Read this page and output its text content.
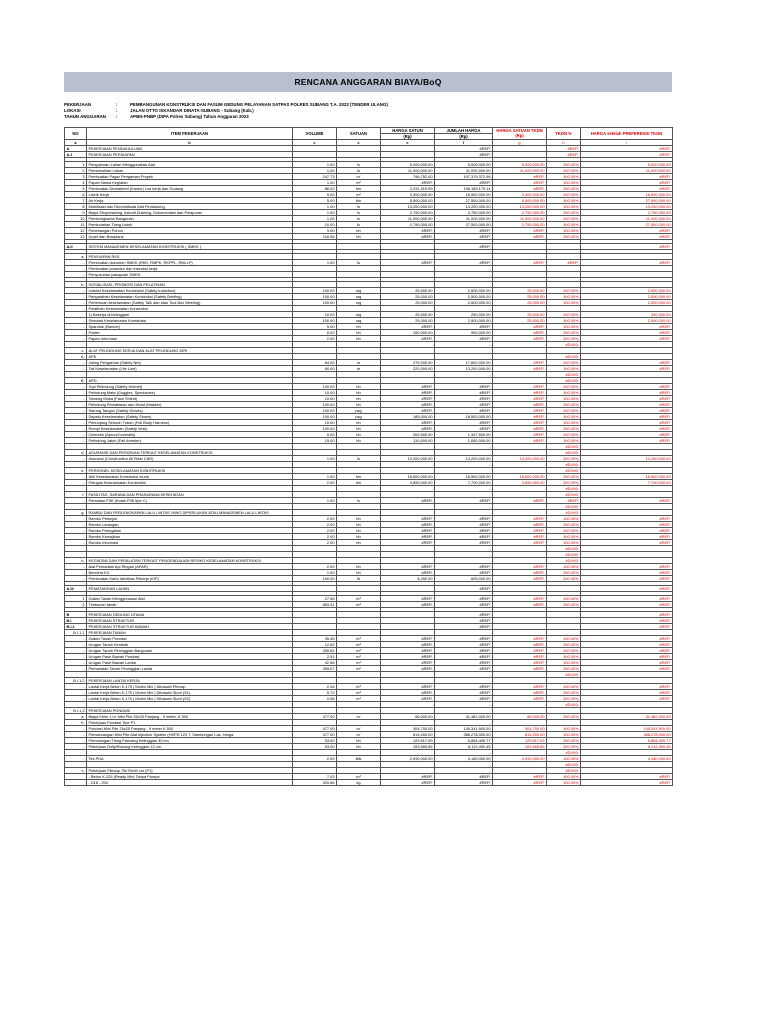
RENCANA ANGGARAN BIAYA/BoQ
PEKERJAAN	:	PEMBANGUNAN KONSTRUKSI DAN FASUM GEDUNG PELAYANAN SATPAS POLRES SUBANG T.A. 2023 (TENDER ULANG)
LOKASI	:	JALAN OTTO ISKANDAR DINATA-SUBANG - Subang (Kab.)
TAHUN ANGGARAN	:	APBN-PNBP (DIPA Polres Subang) Tahun Anggaran 2023
NO	ITEM PEKERJAAN	VOLUME	SATUAN	HARGA SATUN	JUMLAH HARGA	HARGA SATUAN TKDN (Rp)	TKDN %	HARGA setelah PREFERENSI TKDN
				(Rp)	(Rp)			
a	b	c	c	e	f	g	h	i
A	PEKERJAAN PENDAHULUAN				#REF!		#REF!	#REF!
A.1	PEKERJAAN PERSIAPAN				#REF!		#REF!	#REF!

1	Pengukuran Lahan Menggunakan Alat	1.00	ls	5,000,000.00	5,000,000.00	5,000,000.00	100.00%	5,000,000.00
2	Pembersihan Lahan	1.00	ls	11,000,000.00	11,000,000.00	11,000,000.00	100.00%	11,000,000.00
3	Pembuatan Pagar Pengaman Proyek	247.73	m'	796,752.00	197,379,372.96	#REF!	100.00%	#REF!
4	Papan Nama Kegiatan	1.00	m²	#REF!	#REF!	#REF!	100.00%	#REF!
5	Pembuatan Direksikeet (Kantor) Los kerja dan Gudang	86.00	bln	2,291,319.99	196,189,179.14	#REF!	100.00%	#REF!
6	Listrik Kerja	5.00	m²	3,300,000.00	16,500,000.00	3,300,000.00	100.00%	16,500,000.00
7	Air Kerja	5.00	bln	5,500,000.00	27,500,000.00	5,500,000.00	100.00%	27,500,000.00
8	Mobilisasi dan Demobilisasi Alat Pendukung	1.00	ls	13,200,000.00	13,200,000.00	13,200,000.00	100.00%	13,200,000.00
9	Biaya Shopdrawing, Asbuilt Drawing, Dokumentasi dan Pelaporan	1.00	ls	2,750,000.00	2,750,000.00	2,750,000.00	100.00%	2,750,000.00
10	Pembongkaran Bangunan	1.00	ls	11,000,000.00	11,000,000.00	11,000,000.00	100.00%	11,000,000.00
11	Pemindahan Tiang Listrik	10.00	ls	2,750,000.00	27,500,000.00	2,750,000.00	100.00%	27,500,000.00
12	Penebangan Pohon	9.00	bh	#REF!	#REF!	#REF!	100.00%	#REF!
13	Urpet dan Bowplank	116.56	bh	#REF!	#REF!	#REF!	100.00%	#REF!

A.II	SISTEM MANAJEMEN KESELAMATAN KONSTRUKSI ( SMKK )				#REF!			#REF!

a.	PENYIAPAN RKK							
-	Pembuatan dokumen SMKK (RKK, RMPK, RKPPL, RMLLP)	1.00	ls	#REF!	#REF!	#REF!	#REF!	#REF!
-	Pembuatan prosedur dan instruksi kerja				-			
-	Penyusunan pasapoan SMKK				-			

b.	SOSIALISASI, PROMOSI DAN PELATIHAN							
-	Induksi Keselamatan Konstruksi (Safety Induction)	100.00	org	25,000.00	2,500,000.00	25,000.00	100.00%	2,500,000.00
-	Pengarahan Keselamatan Konstruksi (Safety Briefing)	100.00	org	25,000.00	2,500,000.00	25,000.00	100.00%	2,500,000.00
-	Pertemuan keselamatan (Safety Talk dan atau Tool Box Meeting)	100.00	org	25,000.00	2,500,000.00	25,000.00	100.00%	2,500,000.00
-	Pelatihan Keselamatan Konstruksi				-			
	1) Bekerja di ketinggian	10.00	org	25,000.00	250,000.00	25,000.00	100.00%	250,000.00
-	Simulasi Keselamatan Konstruksi	100.00	org	25,000.00	2,500,000.00	25,000.00	100.00%	2,500,000.00
-	Spanduk (Banner)	5.00	bh	#REF!	#REF!	#REF!	100.00%	#REF!
-	Poster	6.00	bh	150,000.00	900,000.00	#REF!	100.00%	#REF!
-	Papan Informasi	2.00	bh	#REF!	#REF!	#REF!	100.00%	#REF!
					-		#DIV/0!	
c.	ALAT PELINDUNG KERJA DAN ALAT PELINDUNG DIRI							
A.	APK						#DIV/0!	
-	Jaring Pengaman (Safety Net)	64.00	m	275,000.00	17,600,000.00	#REF!	100.00%	#REF!
-	Tali Keselamatan (Life Line)	60.00	m	220,000.00	13,200,000.00	#REF!	100.00%	#REF!
					-		#DIV/0!	
B.	APD						#DIV/0!	
-	Topi Pelindung (Safety Helmet)	100.00	bh	#REF!	#REF!	#REF!	100.00%	#REF!
-	Pelindung Mata (Goggles, Spectacles)	10.00	bh	#REF!	#REF!	#REF!	100.00%	#REF!
-	Tameng Muka (Face Shield)	10.00	bh	#REF!	#REF!	#REF!	100.00%	#REF!
-	Pelindung Pernafasan dan Mulut (Masker)	100.00	bh	#REF!	#REF!	#REF!	100.00%	#REF!
-	Sarung Tangan (Safety Gloves)	100.00	psg	#REF!	#REF!	#REF!	100.00%	#REF!
-	Sepatu Keselamatan (Safety Shoes)	100.00	psg	185,000.00	18,500,000.00	#REF!	100.00%	#REF!
-	Penunjang Seluruh Tubuh (Full Body Harness)	10.00	bh	#REF!	#REF!	#REF!	100.00%	#REF!
-	Rompi Keselamatan (Safety Vest)	100.00	bh	#REF!	#REF!	#REF!	100.00%	#REF!
-	Celemek (Apron/Coveralls)	5.00	bh	269,500.00	1,347,500.00	#REF!	100.00%	#REF!
-	Pelindung Jatuh (Fall Arrester)	15.00	bh	110,000.00	1,650,000.00	#REF!	100.00%	#REF!
					-		#DIV/0!	
d.	ASURANSI DAN PERIZINAN TERKAIT KESELAMATAN KONSTRUKSI						#DIV/0!	
-	Asuransi (Construction All Risk/ CAR)	1.00	ls	13,200,000.00	13,200,000.00	13,200,000.00	100.00%	13,200,000.00
					-		#DIV/0!	
e.	PERSONEL KESELAMATAN KONSTRUKSI						#DIV/0!	
-	Ahli Keselamatan Konstruksi muda	1.00	bln	16,500,000.00	16,500,000.00	16,500,000.00	100.00%	16,500,000.00
-	Petugas Keselamatan Konstruksi	2.00	bln	3,850,000.00	7,700,000.00	3,850,000.00	100.00%	7,700,000.00
					-		#DIV/0!	
f.	FASILITAS, SARANA DAN PRASARANA KESEHATAN						#DIV/0!	
-	Peralatan P3K (Kotak P3K tipe C)	1.00	ls	#REF!	#REF!	#REF!	#REF!	#REF!
					-		#DIV/0!	
g.	RAMBU DAN PERLENGKAPAN LALU LINTAS YANG DIPERLUKAN ATAU MANAJEMEN LALU LINTAS						#DIV/0!	
-	Rambu Petunjuk	2.00	bh	#REF!	#REF!	#REF!	100.00%	#REF!
-	Rambu Larangan	2.00	bh	#REF!	#REF!	#REF!	100.00%	#REF!
-	Rambu Peringatan	2.00	bh	#REF!	#REF!	#REF!	100.00%	#REF!
-	Rambu Kewajiban	2.00	bh	#REF!	#REF!	#REF!	100.00%	#REF!
-	Rambu Informasi	2.00	bh	#REF!	#REF!	#REF!	100.00%	#REF!
					-		#DIV/0!	
					-		#DIV/0!	
h.	KEGIATAN DAN PERALATAN TERKAIT PENGENDALIAN RESIKO KESELAMATAN KONSTRUKSI						#DIV/0!	
-	Alat Pemadam Api Ringan (APAR)	2.00	bh	#REF!	#REF!	#REF!	100.00%	#REF!
-	Bendera K3	1.00	bh	#REF!	#REF!	#REF!	100.00%	#REF!
-	Pembuatan Kartu Identitas Pekerja (KIP)	100.00	lb	8,250.00	825,000.00	#REF!	100.00%	#REF!

A.III	PEMATANGAN LAHAN				#REF!			#REF!

1	Galian Tanah Menggunakan Alat	27.56	m³	#REF!	#REF!	#REF!	100.00%	#REF!
2	Timbunan tanah	853.31	m³	#REF!	#REF!	#REF!	100.00%	#REF!

B	PEKERJAAN GEDUNG UTAMA				#REF!			#REF!
B.I	PEKERJAAN STRUKTUR				#REF!			#REF!
B.I.1	PEKERJAAN STRUKTUR BAWAH				#REF!			#REF!
B.I.1.1	PEKERJAAN TANAH							
-	Galian Tanah Pondasi	35.45	m³	#REF!	#REF!	#REF!	100.00%	#REF!
-	Urugan Tanah Kembali	12.82	m³	#REF!	#REF!	#REF!	100.00%	#REF!
-	Urugan Tanah Peninggian Bangunan	335.82	m³	#REF!	#REF!	#REF!	100.00%	#REF!
-	Urugan Pasir Bawah Pondasi	2.51	m³	#REF!	#REF!	#REF!	100.00%	#REF!
-	Urugan Pasir Bawah Lantai	42.56	m³	#REF!	#REF!	#REF!	100.00%	#REF!
-	Pemadatan Tanah Peninggian Lantai	355.07	m²	#REF!	#REF!	#REF!	100.00%	#REF!
					-		#DIV/0!	
B.I.1.2	PEKERJAAN LANTAI KERJA							
-	Lantai Kerja Beton K-175 ( Molen Mix ) Dibawah Pilecap	2.06	m³	#REF!	#REF!	#REF!	100.00%	#REF!
-	Lantai Kerja Beton K-175 ( Molen Mix ) Dibawah Sloof (S1)	5.72	m³	#REF!	#REF!	#REF!	100.00%	#REF!
-	Lantai Kerja Beton K-175 ( Molen Mix ) Dibawah Sloof (S2)	0.98	m³	#REF!	#REF!	#REF!	100.00%	#REF!
					-		#DIV/0!	
B.I.1.3	PEKERJAAN PONDASI							
a.	Biaya Kirim 1 m' Mini Pile 25x25 Panjang - 9 meter, K.500	477.00	m'	66,000.00	31,482,000.00	66,000.00	100.00%	31,482,000.00
b.	Pekerjaan Pondasi Tipe P1				-			
-	Pondasi Mini Pile 25x25 Panjang - 9 meter K.500	477.00	m'	304,700.00	145,341,900.00	304,700.00	100.00%	145,341,900.00
-	Pemancangan Mini Pile Alat injection System (HSPD 120 T, Sambungan Las, Harga	477.00	m'	814,000.00	388,278,000.00	814,000.00	100.00%	388,278,000.00
-	Pemotongan Tiang Pancang Ketinggian 30 cm	53.00	bh	129,517.09	6,864,405.77	129,517.09	100.00%	6,864,405.77
-	Pekerjaan Dolly/Rusung Ketinggian 12 cm	53.00	bh	153,065.85	8,112,490.45	153,065.85	100.00%	8,112,490.45
					-		#DIV/0!	
-	Tes PDA	2.00	titik	2,090,000.00	4,180,000.00	2,090,000.00	100.00%	4,180,000.00
					-		#DIV/0!	
c.	Pekerjaan Pilecap 75x75x40 cm (P1)				-		#DIV/0!	
	- Beton K-225 (Ready Mix) Tanpa Pompa	7.43	m³	#REF!	#REF!	#REF!	100.00%	#REF!
	- D16 - 200	320.66	kg	#REF!	#REF!	#REF!	100.00%	#REF!
